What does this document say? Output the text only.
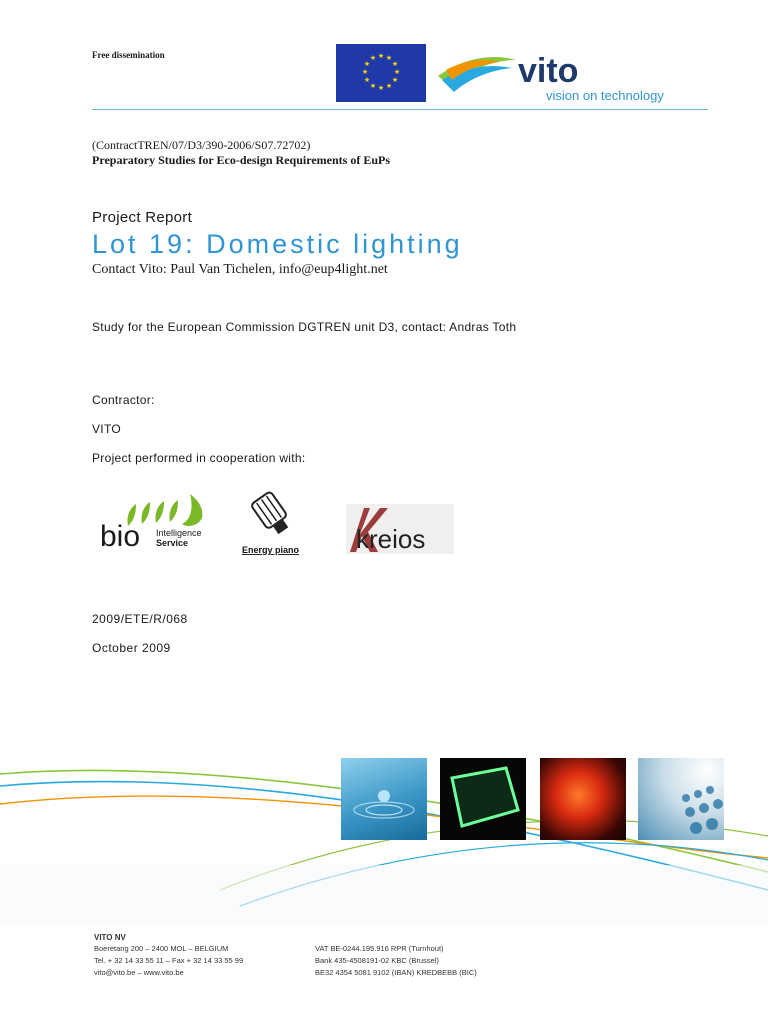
Free dissemination	★ ★
★
★
★
★
★
★
★
★
★
★	vito
vision on technology
(ContractTREN/07/D3/390-2006/S07.72702)
Preparatory Studies for Eco-design Requirements of EuPs
Project Report
Lot 19: Domestic lighting
Contact Vito: Paul Van Tichelen, info@eup4light.net
Study for the European Commission DGTREN unit D3, contact: Andras Toth
Contractor:
VITO
Project performed in cooperation with:
bio Intelligence
Service
Energy piano kreios
2009/ETE/R/068
October 2009
VITO NV
Boeretang 200 – 2400 MOL – BELGIUM
Tel. + 32 14 33 55 11 – Fax + 32 14 33 55 99
vito@vito.be – www.vito.be
VAT BE-0244.195.916 RPR (Turnhout)
Bank 435-4508191-02 KBC (Brussel)
BE32 4354 5081 9102 (IBAN) KREDBEBB (BIC)
